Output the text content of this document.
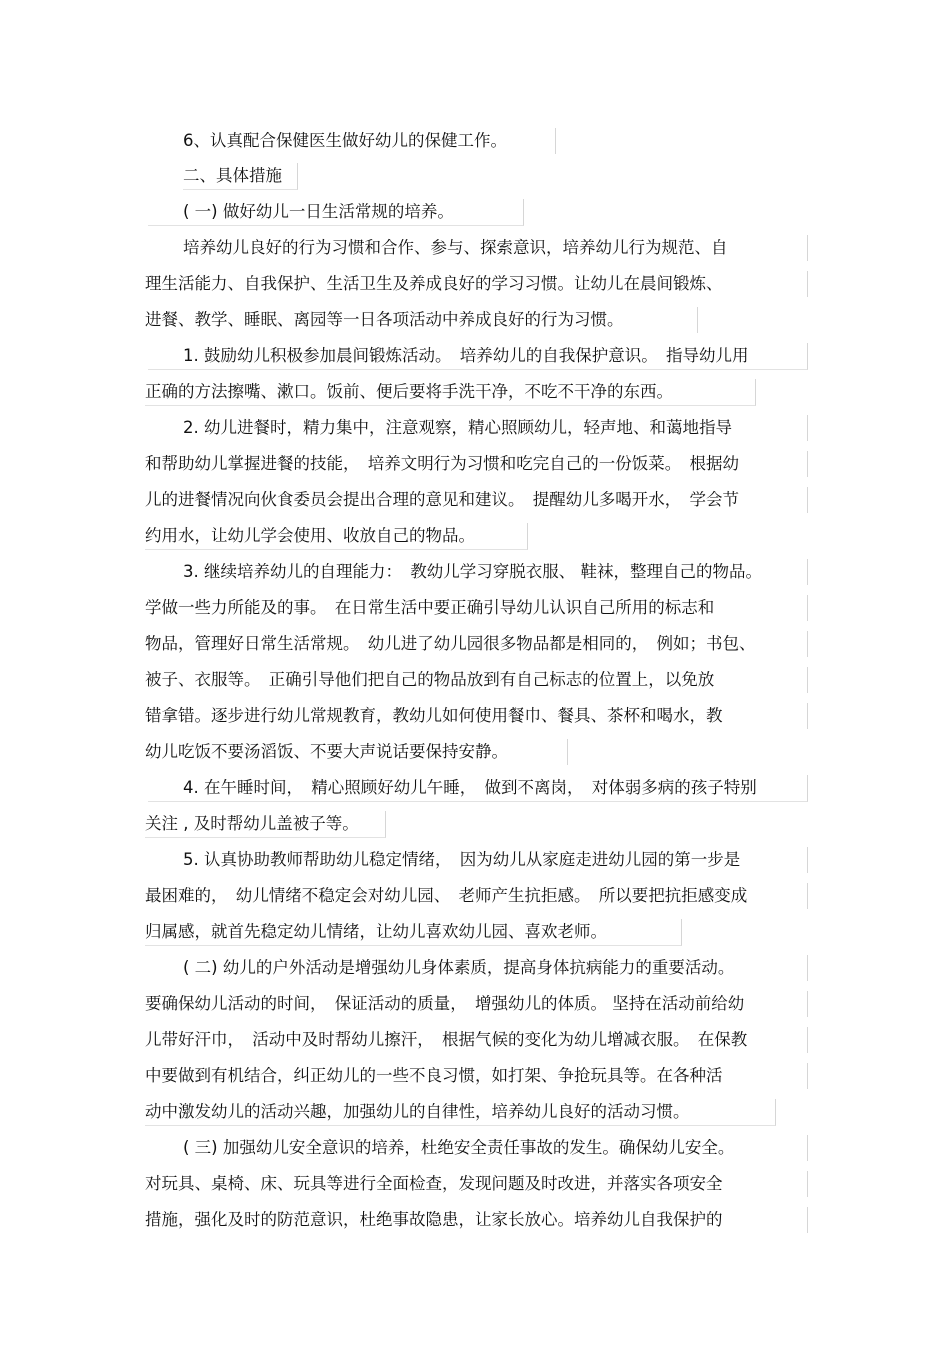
6、认真配合保健医生做好幼儿的保健工作。
二、具体措施
( 一) 做好幼儿一日生活常规的培养。
培养幼儿良好的行为习惯和合作、参与、探索意识，培养幼儿行为规范、自
理生活能力、自我保护、生活卫生及养成良好的学习习惯。让幼儿在晨间锻炼、
进餐、教学、睡眠、离园等一日各项活动中养成良好的行为习惯。
1. 鼓励幼儿积极参加晨间锻炼活动。　培养幼儿的自我保护意识。　指导幼儿用
正确的方法擦嘴、漱口。饭前、便后要将手洗干净，不吃不干净的东西。
2. 幼儿进餐时，精力集中，注意观察，精心照顾幼儿，轻声地、和蔼地指导
和帮助幼儿掌握进餐的技能，　培养文明行为习惯和吃完自己的一份饭菜。　根据幼
儿的进餐情况向伙食委员会提出合理的意见和建议。　提醒幼儿多喝开水，　学会节
约用水，让幼儿学会使用、收放自己的物品。
3. 继续培养幼儿的自理能力：　教幼儿学习穿脱衣服、 鞋袜，整理自己的物品。
学做一些力所能及的事。　在日常生活中要正确引导幼儿认识自己所用的标志和
物品，管理好日常生活常规。　幼儿进了幼儿园很多物品都是相同的，　例如；书包、
被子、衣服等。　正确引导他们把自己的物品放到有自己标志的位置上，以免放
错拿错。逐步进行幼儿常规教育，教幼儿如何使用餐巾、餐具、茶杯和喝水，教
幼儿吃饭不要汤滔饭、不要大声说话要保持安静。
4. 在午睡时间，　精心照顾好幼儿午睡，　做到不离岗，　对体弱多病的孩子特别
关注 , 及时帮幼儿盖被子等。
5. 认真协助教师帮助幼儿稳定情绪，　因为幼儿从家庭走进幼儿园的第一步是
最困难的，　幼儿情绪不稳定会对幼儿园、　老师产生抗拒感。　所以要把抗拒感变成
归属感，就首先稳定幼儿情绪，让幼儿喜欢幼儿园、喜欢老师。
( 二) 幼儿的户外活动是增强幼儿身体素质，提高身体抗病能力的重要活动。
要确保幼儿活动的时间，　保证活动的质量，　增强幼儿的体质。 坚持在活动前给幼
儿带好汗巾，　活动中及时帮幼儿擦汗，　根据气候的变化为幼儿增减衣服。　在保教
中要做到有机结合，纠正幼儿的一些不良习惯，如打架、争抢玩具等。在各种活
动中激发幼儿的活动兴趣，加强幼儿的自律性，培养幼儿良好的活动习惯。
( 三) 加强幼儿安全意识的培养，杜绝安全责任事故的发生。确保幼儿安全。
对玩具、桌椅、床、玩具等进行全面检查，发现问题及时改进，并落实各项安全
措施，强化及时的防范意识，杜绝事故隐患，让家长放心。培养幼儿自我保护的
